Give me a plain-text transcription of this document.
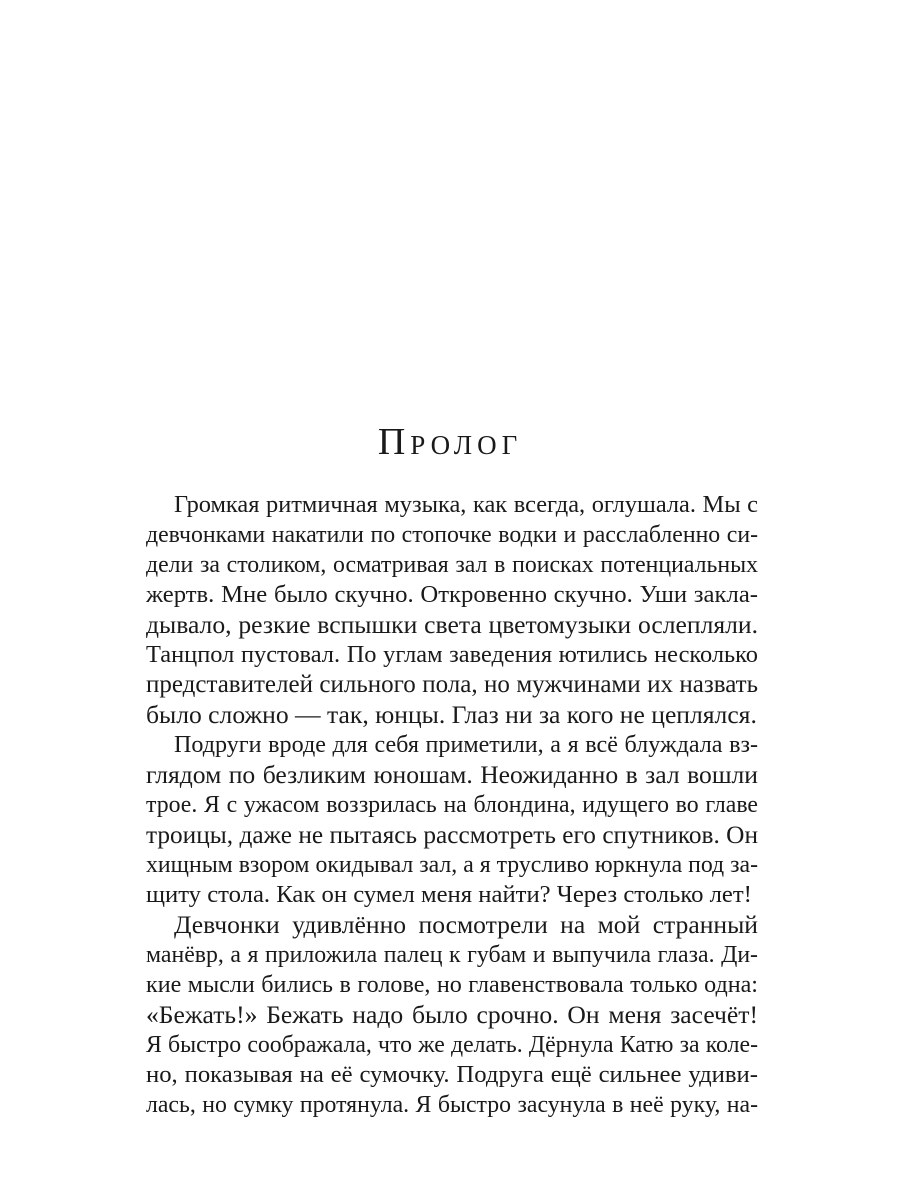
Пролог

Громкая ритмичная музыка, как всегда, оглушала. Мы с
девчонками накатили по стопочке водки и расслабленно си-
дели за столиком, осматривая зал в поисках потенциальных
жертв. Мне было скучно. Откровенно скучно. Уши закла-
дывало, резкие вспышки света цветомузыки ослепляли.
Танцпол пустовал. По углам заведения ютились несколько
представителей сильного пола, но мужчинами их назвать
было сложно — так, юнцы. Глаз ни за кого не цеплялся.

Подруги вроде для себя приметили, а я всё блуждала вз-
глядом по безликим юношам. Неожиданно в зал вошли
трое. Я с ужасом воззрилась на блондина, идущего во главе
троицы, даже не пытаясь рассмотреть его спутников. Он
хищным взором окидывал зал, а я трусливо юркнула под за-
щиту стола. Как он сумел меня найти? Через столько лет!

Девчонки удивлённо посмотрели на мой странный
манёвр, а я приложила палец к губам и выпучила глаза. Ди-
кие мысли бились в голове, но главенствовала только одна:
«Бежать!» Бежать надо было срочно. Он меня засечёт!
Я быстро соображала, что же делать. Дёрнула Катю за коле-
но, показывая на её сумочку. Подруга ещё сильнее удиви-
лась, но сумку протянула. Я быстро засунула в неё руку, на-
